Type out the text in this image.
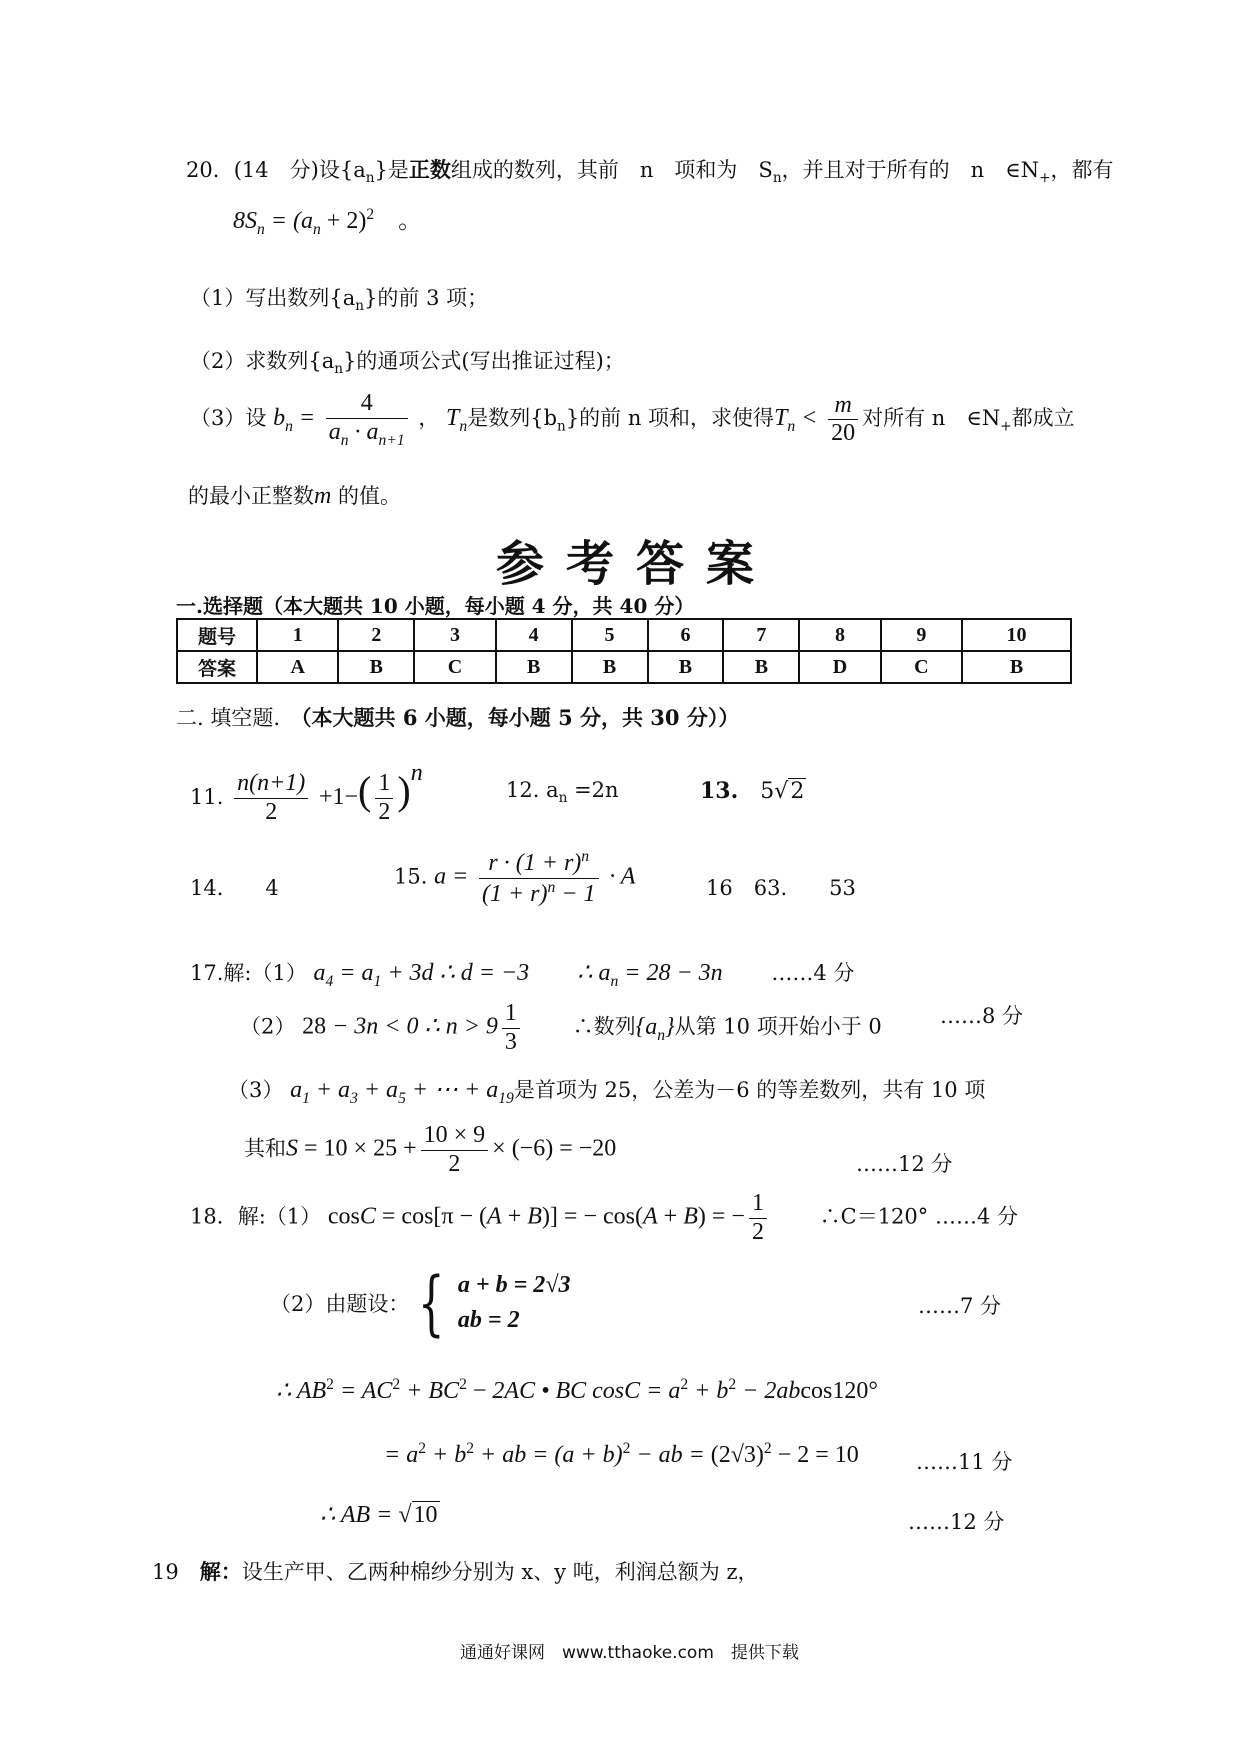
20．(14　分)设$\{a_n\}$是正数组成的数列，其前　n　项和为　$S_n$，并且对于所有的　n　$\in N_+$，都有
$8S_n = (a_n + 2)^2$　。
（1）写出数列$\{a_n\}$的前 3 项；
（2）求数列$\{a_n\}$的通项公式(写出推证过程)；
（3）设 $b_n = \frac{4}{a_n \cdot a_{n+1}}$ ， $T_n$是数列$\{b_n\}$的前 n 项和，求使得$T_n < \frac{m}{20}$ 对所有 n　$\in N_+$都成立
的最小正整数m 的值。
参考答案
一.选择题（本大题共 10 小题，每小题 4 分，共 40 分）
题号	1	2	3	4	5	6	7	8	9	10
答案	A	B	C	B	B	B	B	D	C	B
二. 填空题.　（本大题共 6 小题，每小题 5 分，共 30 分））
11. $\frac{n(n+1)}{2} +1-( \frac{1}{2} )^n$
12. $a_n =2n$	13.　 5√2
14.　　 4	15. $a = \frac{r \cdot (1 + r)^n}{(1 + r)^n - 1} \cdot A$	16　63.　　53
17.解:（1） $a_4 = a_1 + 3d$ ∴ d = −3　　∴ $a_n = 28 - 3n$ 　　 ……4 分
（2） 28 − 3n < 0 ∴ $n > 9 \frac{1}{3}$
　　	∴数列$\{a_n\}$从第 10 项开始小于 0	……8 分
（3） $a_1 + a_3 + a_5$ + ⋯ + $a_{19}$是首项为 25，公差为－6 的等差数列，共有 10 项
其和$S = 10 \times 25 + \frac{10 \times 9}{2} \times (-6) = -20$
……12 分
18．解:（1） cosC = cos[π − (A + B)] = − cos(A + B) = − $\frac{1}{2}$
　　	∴C＝120° ……4 分
（2）由题设： { a + b = 2√3
ab = 2
……7 分
∴ $AB^2 = AC^2 + BC^2 - 2AC$ • BC $\cos C = a^2 + b^2 - 2abcos120^\circ$
= $a^2 + b^2$ + ab = $(a + b)^2$ − ab = $(2√3)^2 - 2 = 10$	……11 分
∴ AB = √10	……12 分
19　 解：设生产甲、乙两种棉纱分别为 x、y 吨，利润总额为 z，
通通好课网　www.tthaoke.com　提供下载
